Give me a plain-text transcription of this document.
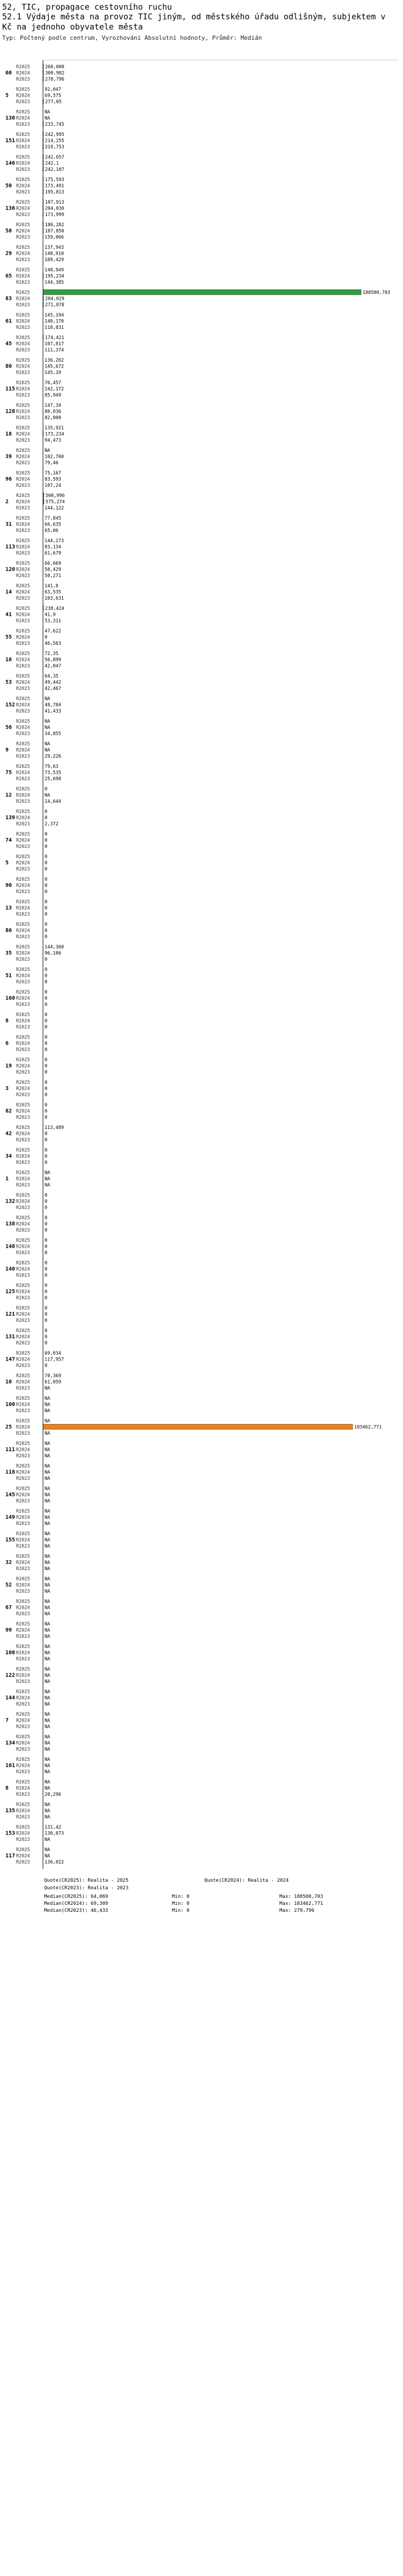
52, TIC, propagace cestovního ruchu
52.1 Výdaje města na provoz TIC jiným, od městského úřadu odlišným, subjektem v Kč na jednoho obyvatele města
Typ: Počtený podle centrum, Vyrozhování Absolutní hodnoty, Průměr: Medián
60
R2025	260,000
R2024	300,982
R2023	278,796
5
R2025	92,047
R2024	69,575
R2023	277,05
130
R2025	NA
R2024	NA
R2023	233,745
151
R2025	242,995
R2024	214,255
R2023	219,753
146
R2025	242,657
R2024	242,1
R2023	242,107
50
R2025	175,593
R2024	173,491
R2023	195,813
136
R2025	187,913
R2024	204,030
R2023	173,999
58
R2025	186,282
R2024	187,850
R2023	159,066
29
R2025	137,943
R2024	148,910
R2023	109,429
65
R2025	148,949
R2024	195,234
R2023	144,385
83
R2025	188500,703
R2024	284,029
R2023	271,878
61
R2025	145,194
R2024	140,170
R2023	118,831
45
R2025	174,421
R2024	107,817
R2023	111,374
80
R2025	136,202
R2024	145,672
R2023	145,19
115
R2025	76,457
R2024	142,172
R2023	85,949
128
R2025	147,34
R2024	80,036
R2023	82,000
18
R2025	135,921
R2024	173,234
R2023	94,473
39
R2025	NA
R2024	102,760
R2023	79,46
96
R2025	75,167
R2024	83,593
R2023	107,24
2
R2025	500,996
R2024	575,274
R2023	144,122
31
R2025	77,845
R2024	66,635
R2023	65,06
113
R2025	144,273
R2024	83,134
R2023	61,679
120
R2025	66,669
R2024	58,429
R2023	50,271
14
R2025	141,8
R2024	63,535
R2023	103,631
41
R2025	238,424
R2024	41,9
R2023	53,311
55
R2025	47,622
R2024	0
R2023	46,563
16
R2025	72,35
R2024	56,899
R2023	42,047
53
R2025	64,35
R2024	49,442
R2023	42,467
152
R2025	NA
R2024	48,784
R2023	41,433
56
R2025	NA
R2024	NA
R2023	34,855
9
R2025	NA
R2024	NA
R2023	29,226
75
R2025	79,63
R2024	73,535
R2023	25,698
12
R2025	0
R2024	NA
R2023	14,644
139
R2025	0
R2024	0
R2023	2,372
74
R2025	0
R2024	0
R2023	0
5
R2025	0
R2024	0
R2023	0
90
R2025	0
R2024	0
R2023	0
13
R2025	0
R2024	0
R2023	0
86
R2025	0
R2024	0
R2023	0
35
R2025	144,368
R2024	96,186
R2023	0
51
R2025	0
R2024	0
R2023	0
160
R2025	0
R2024	0
R2023	0
8
R2025	0
R2024	0
R2023	0
6
R2025	0
R2024	0
R2023	0
19
R2025	0
R2024	0
R2023	0
3
R2025	0
R2024	0
R2023	0
82
R2025	0
R2024	0
R2023	0
42
R2025	113,489
R2024	0
R2023	0
34
R2025	0
R2024	0
R2023	0
1
R2025	NA
R2024	NA
R2023	NA
132
R2025	0
R2024	0
R2023	0
138
R2025	0
R2024	0
R2023	0
148
R2025	0
R2024	0
R2023	0
140
R2025	0
R2024	0
R2023	0
125
R2025	0
R2024	0
R2023	0
121
R2025	0
R2024	0
R2023	0
131
R2025	0
R2024	0
R2023	0
147
R2025	69,034
R2024	117,957
R2023	0
10
R2025	70,369
R2024	61,059
R2023	NA
100
R2025	NA
R2024	NA
R2023	NA
25
R2025	NA
R2024	183462,771
R2023	NA
111
R2025	NA
R2024	NA
R2023	NA
118
R2025	NA
R2024	NA
R2023	NA
145
R2025	NA
R2024	NA
R2023	NA
149
R2025	NA
R2024	NA
R2023	NA
155
R2025	NA
R2024	NA
R2023	NA
32
R2025	NA
R2024	NA
R2023	NA
52
R2025	NA
R2024	NA
R2023	NA
67
R2025	NA
R2024	NA
R2023	NA
99
R2025	NA
R2024	NA
R2023	NA
108
R2025	NA
R2024	NA
R2023	NA
122
R2025	NA
R2024	NA
R2023	NA
144
R2025	NA
R2024	NA
R2023	NA
7
R2025	NA
R2024	NA
R2023	NA
134
R2025	NA
R2024	NA
R2023	NA
161
R2025	NA
R2024	NA
R2023	NA
8
R2025	NA
R2024	NA
R2023	20,296
135
R2025	NA
R2024	NA
R2023	NA
153
R2025	131,42
R2024	130,073
R2023	NA
117
R2025	NA
R2024	NA
R2023	136,022
Quote(CR2025): Realita - 2025	Quote(CR2024): Realita - 2024
Quote(CR2023): Realita - 2023
Median(CR2025): 64,069	Min: 0	Max: 188500,703
Median(CR2024): 69,309	Min: 0	Max: 183462,771
Median(CR2023): 46,433	Min: 0	Max: 279,796
